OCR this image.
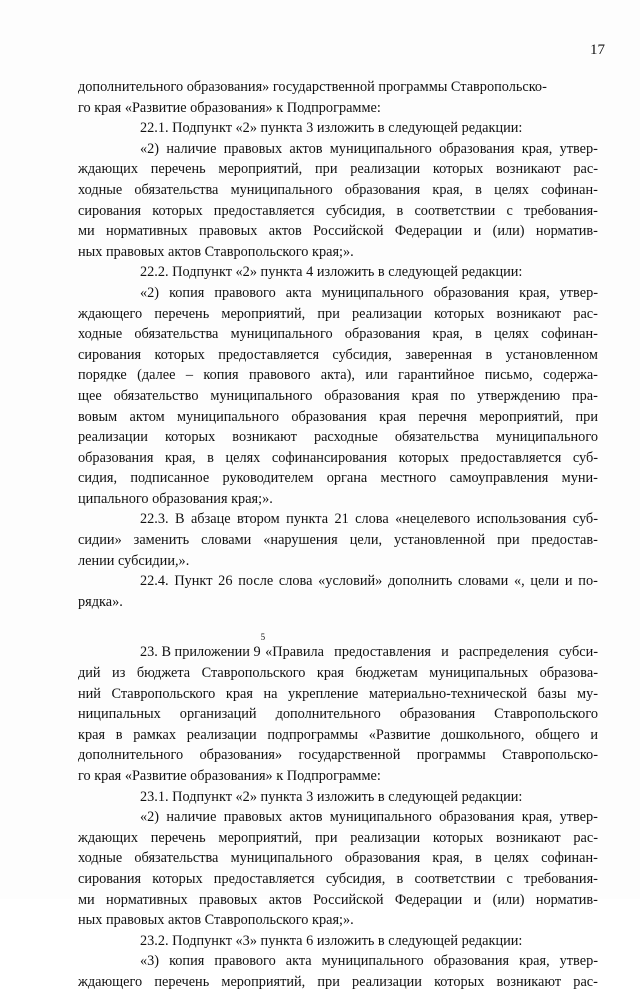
17
дополнительного образования» государственной программы Ставропольско-
го края «Развитие образования» к Подпрограмме:
22.1. Подпункт «2» пункта 3 изложить в следующей редакции:
«2) наличие правовых актов муниципального образования края, утвер-
ждающих перечень мероприятий, при реализации которых возникают рас-
ходные обязательства муниципального образования края, в целях софинан-
сирования которых предоставляется субсидия, в соответствии с требования-
ми нормативных правовых актов Российской Федерации и (или) норматив-
ных правовых актов Ставропольского края;».
22.2. Подпункт «2» пункта 4 изложить в следующей редакции:
«2) копия правового акта муниципального образования края, утвер-
ждающего перечень мероприятий, при реализации которых возникают рас-
ходные обязательства муниципального образования края, в целях софинан-
сирования которых предоставляется субсидия, заверенная в установленном
порядке (далее – копия правового акта), или гарантийное письмо, содержа-
щее обязательство муниципального образования края по утверждению пра-
вовым актом муниципального образования края перечня мероприятий, при
реализации которых возникают расходные обязательства муниципального
образования края, в целях софинансирования которых предоставляется суб-
сидия, подписанное руководителем органа местного самоуправления муни-
ципального образования края;».
22.3. В абзаце втором пункта 21 слова «нецелевого использования суб-
сидии» заменить словами «нарушения цели, установленной при предостав-
лении субсидии,».
22.4. Пункт 26 после слова «условий» дополнить словами «, цели и по-
рядка».
23. В приложении 9
$^5$
«Правила предоставления и распределения субси-
дий из бюджета Ставропольского края бюджетам муниципальных образова-
ний Ставропольского края на укрепление материально-технической базы му-
ниципальных организаций дополнительного образования Ставропольского
края в рамках реализации подпрограммы «Развитие дошкольного, общего и
дополнительного образования» государственной программы Ставропольско-
го края «Развитие образования» к Подпрограмме:
23.1. Подпункт «2» пункта 3 изложить в следующей редакции:
«2) наличие правовых актов муниципального образования края, утвер-
ждающих перечень мероприятий, при реализации которых возникают рас-
ходные обязательства муниципального образования края, в целях софинан-
сирования которых предоставляется субсидия, в соответствии с требования-
ми нормативных правовых актов Российской Федерации и (или) норматив-
ных правовых актов Ставропольского края;».
23.2. Подпункт «3» пункта 6 изложить в следующей редакции:
«3) копия правового акта муниципального образования края, утвер-
ждающего перечень мероприятий, при реализации которых возникают рас-
